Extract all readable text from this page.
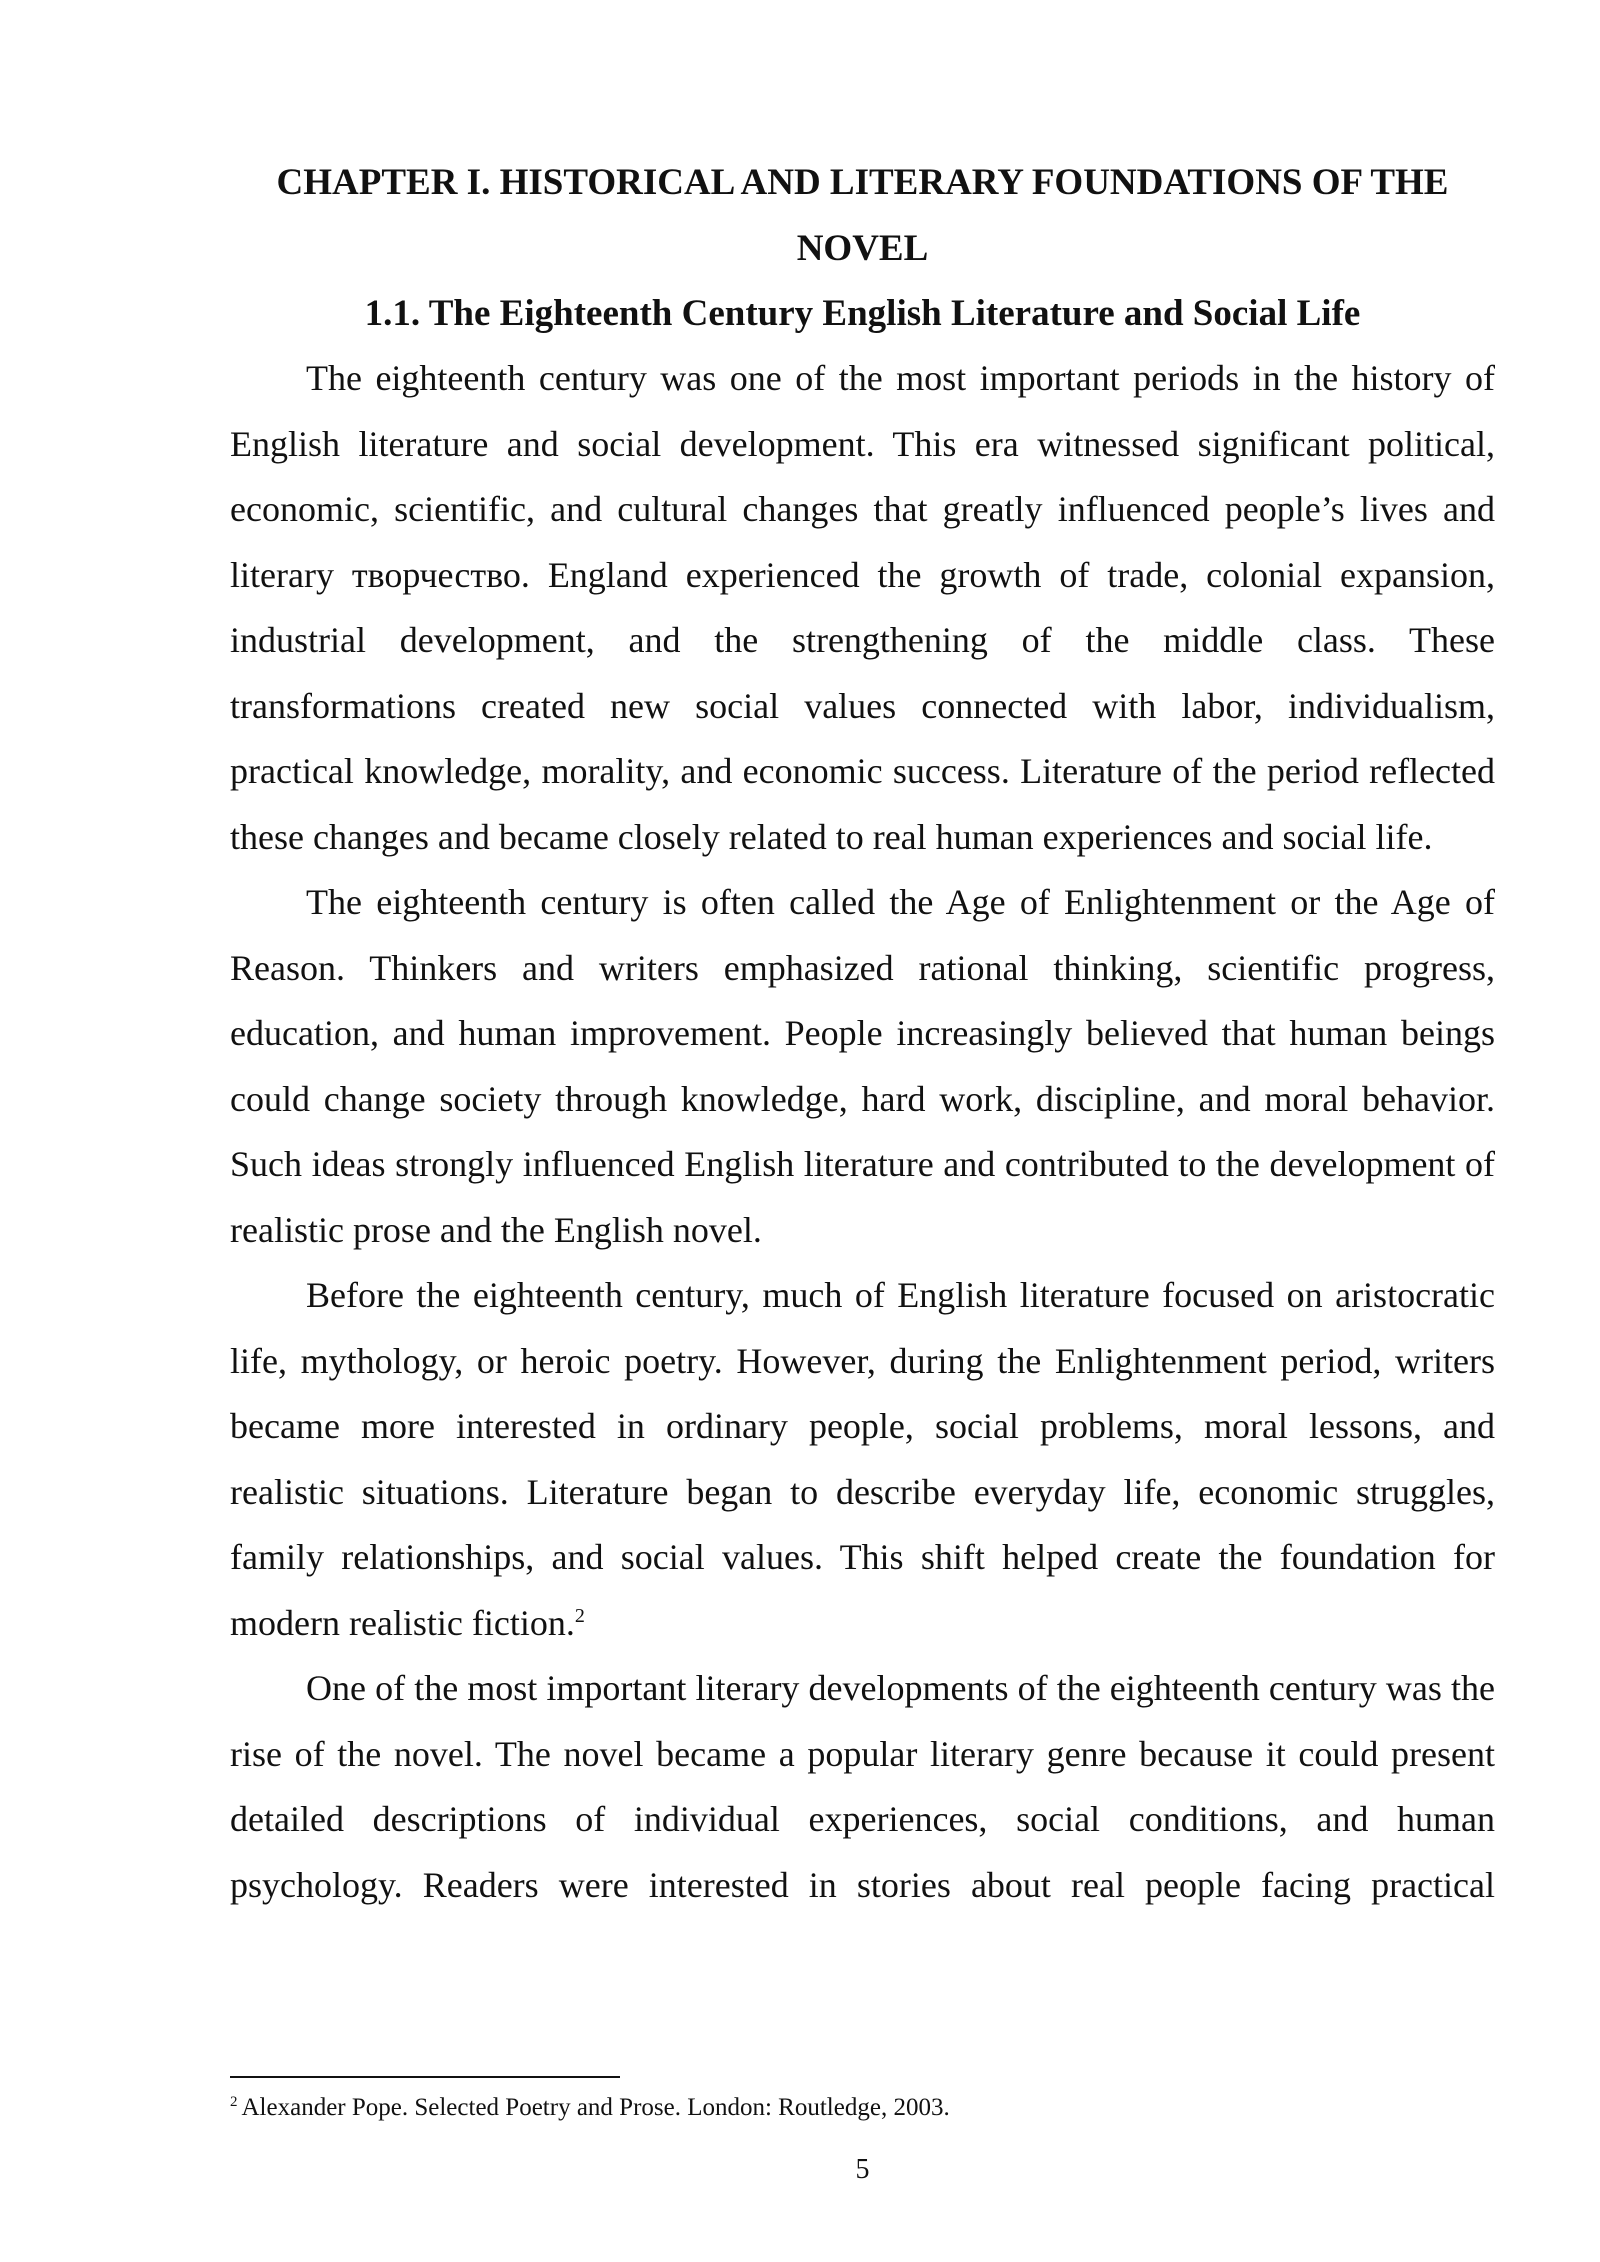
CHAPTER I. HISTORICAL AND LITERARY FOUNDATIONS OF THE NOVEL
1.1. The Eighteenth Century English Literature and Social Life

The eighteenth century was one of the most important periods in the history of English literature and social development. This era witnessed significant political, economic, scientific, and cultural changes that greatly influenced people’s lives and literary творчество. England experienced the growth of trade, colonial expansion, industrial development, and the strengthening of the middle class. These transformations created new social values connected with labor, individualism, practical knowledge, morality, and economic success. Literature of the period reflected these changes and became closely related to real human experiences and social life.

The eighteenth century is often called the Age of Enlightenment or the Age of Reason. Thinkers and writers emphasized rational thinking, scientific progress, education, and human improvement. People increasingly believed that human beings could change society through knowledge, hard work, discipline, and moral behavior. Such ideas strongly influenced English literature and contributed to the development of realistic prose and the English novel.

Before the eighteenth century, much of English literature focused on aristocratic life, mythology, or heroic poetry. However, during the Enlightenment period, writers became more interested in ordinary people, social problems, moral lessons, and realistic situations. Literature began to describe everyday life, economic struggles, family relationships, and social values. This shift helped create the foundation for modern realistic fiction.$^2$

One of the most important literary developments of the eighteenth century was the rise of the novel. The novel became a popular literary genre because it could present detailed descriptions of individual experiences, social conditions, and human psychology. Readers were interested in stories about real people facing practical

$^2$ Alexander Pope. Selected Poetry and Prose. London: Routledge, 2003.

5
